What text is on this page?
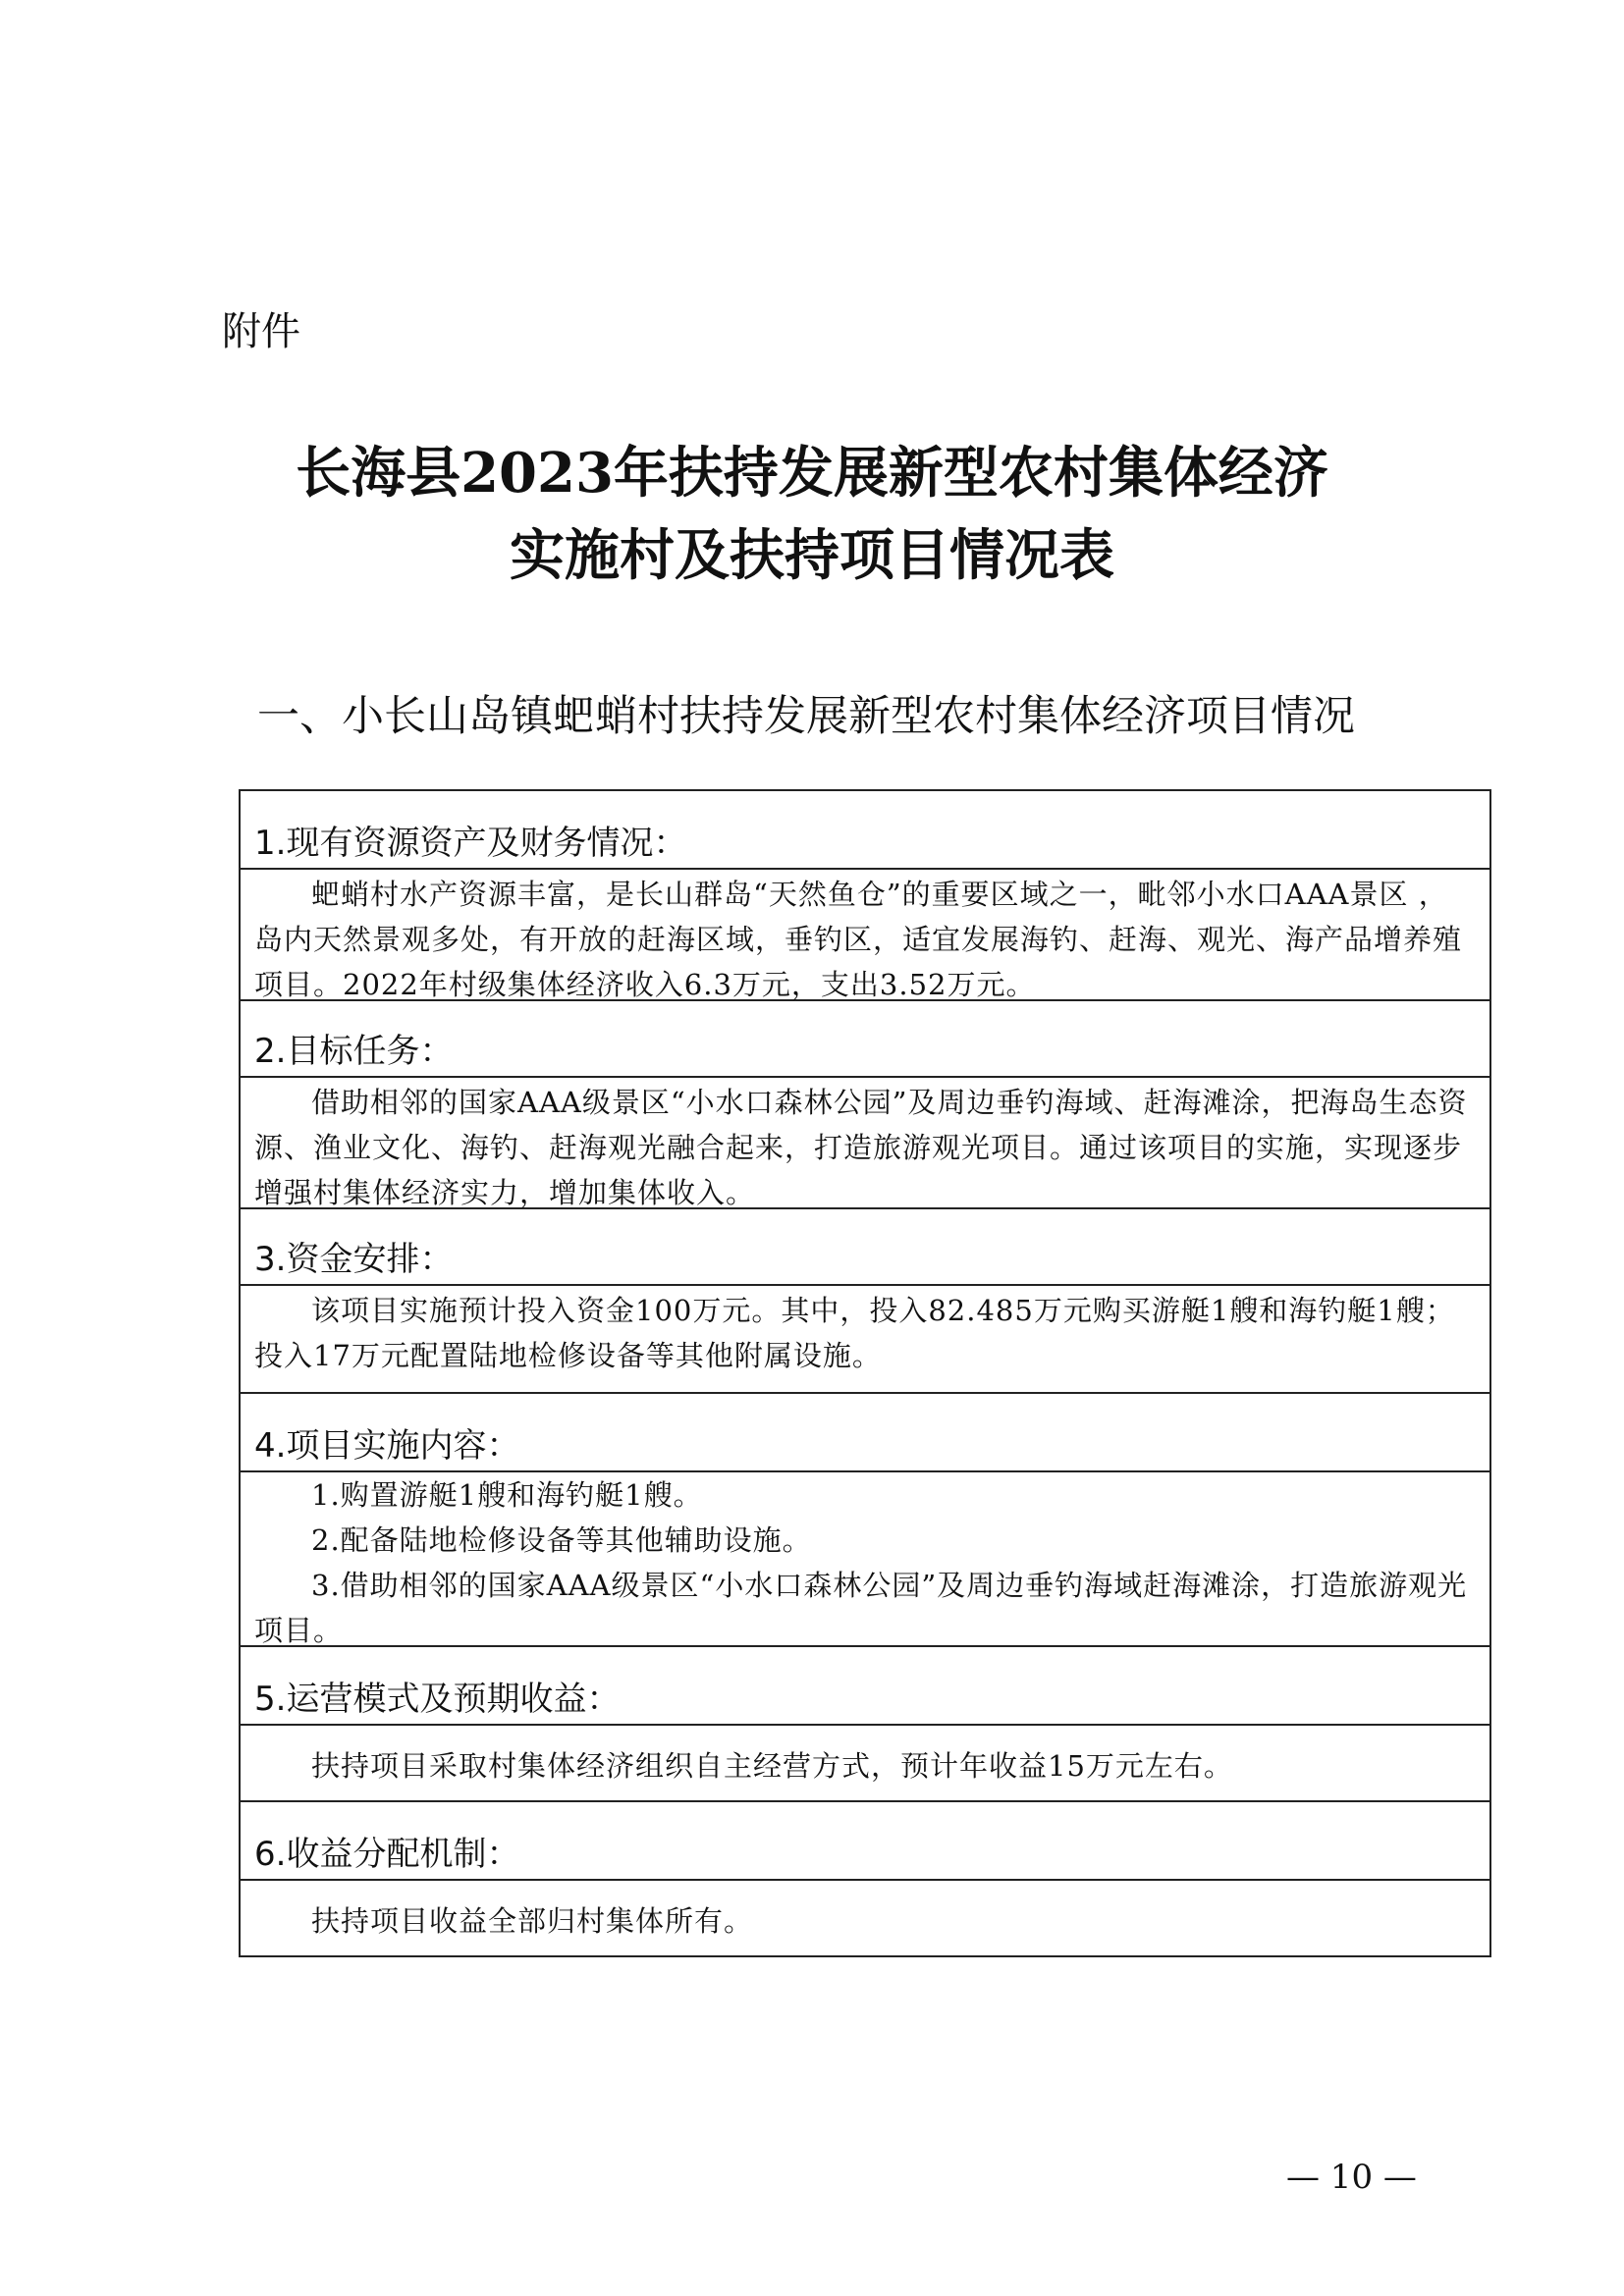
附件
长海县2023年扶持发展新型农村集体经济
实施村及扶持项目情况表
一、小长山岛镇蚆蛸村扶持发展新型农村集体经济项目情况
1.现有资源资产及财务情况：

蚆蛸村水产资源丰富，是长山群岛“天然鱼仓”的重要区域之一，毗邻小水口AAA景区 ，岛内天然景观多处，有开放的赶海区域，垂钓区，适宜发展海钓、赶海、观光、海产品增养殖项目。2022年村级集体经济收入6.3万元，支出3.52万元。

2.目标任务：

借助相邻的国家AAA级景区“小水口森林公园”及周边垂钓海域、赶海滩涂，把海岛生态资源、渔业文化、海钓、赶海观光融合起来，打造旅游观光项目。通过该项目的实施，实现逐步增强村集体经济实力，增加集体收入。

3.资金安排：

该项目实施预计投入资金100万元。其中，投入82.485万元购买游艇1艘和海钓艇1艘；投入17万元配置陆地检修设备等其他附属设施。

4.项目实施内容：

1.购置游艇1艘和海钓艇1艘。

2.配备陆地检修设备等其他辅助设施。

3.借助相邻的国家AAA级景区“小水口森林公园”及周边垂钓海域赶海滩涂，打造旅游观光项目。

5.运营模式及预期收益：

扶持项目采取村集体经济组织自主经营方式，预计年收益15万元左右。

6.收益分配机制：

扶持项目收益全部归村集体所有。

— 10 —
